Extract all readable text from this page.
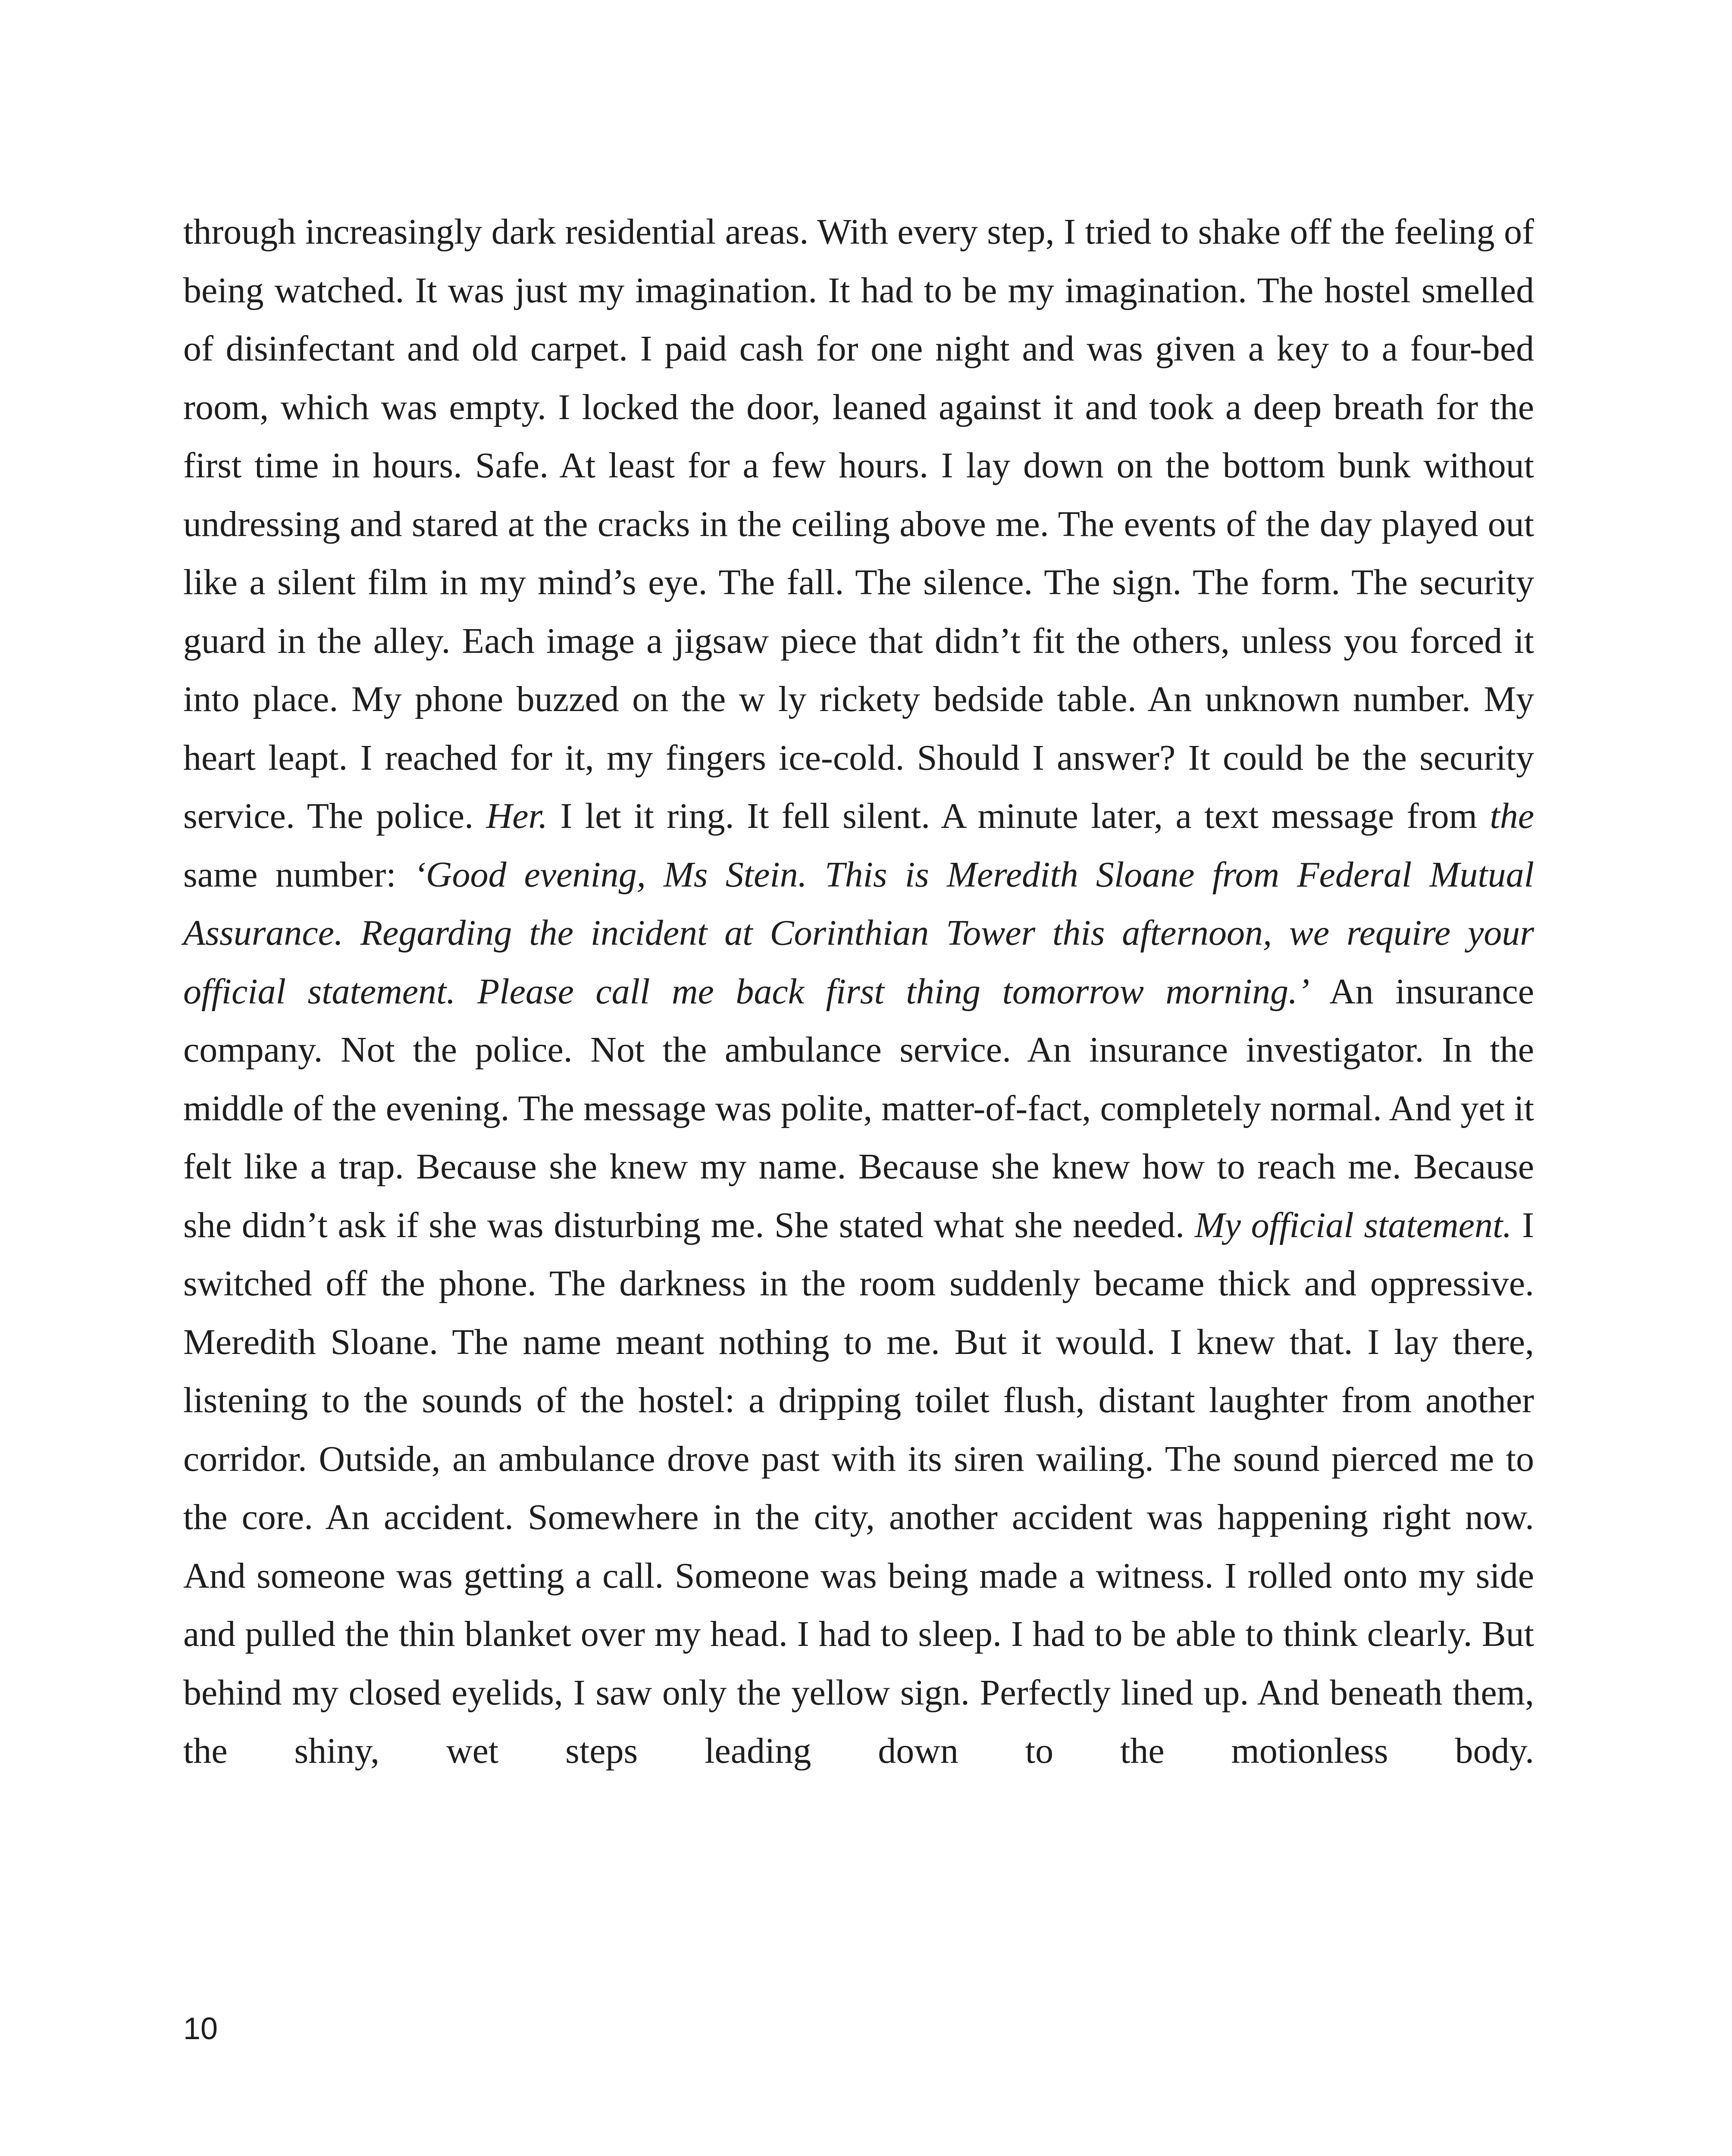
through increasingly dark residential areas. With every step, I tried to shake off the feeling of being watched. It was just my imagination. It had to be my imagination. The hostel smelled of disinfectant and old carpet. I paid cash for one night and was given a key to a four-bed room, which was empty. I locked the door, leaned against it and took a deep breath for the first time in hours. Safe. At least for a few hours. I lay down on the bottom bunk without undressing and stared at the cracks in the ceiling above me. The events of the day played out like a silent film in my mind’s eye. The fall. The silence. The sign. The form. The security guard in the alley. Each image a jigsaw piece that didn’t fit the others, unless you forced it into place. My phone buzzed on the w ly rickety bedside table. An unknown number. My heart leapt. I reached for it, my fingers ice-cold. Should I answer? It could be the security service. The police. Her. I let it ring. It fell silent. A minute later, a text message from the same number: ‘Good evening, Ms Stein. This is Meredith Sloane from Federal Mutual Assurance. Regarding the incident at Corinthian Tower this afternoon, we require your official statement. Please call me back first thing tomorrow morning.’ An insurance company. Not the police. Not the ambulance service. An insurance investigator. In the middle of the evening. The message was polite, matter-of-fact, completely normal. And yet it felt like a trap. Because she knew my name. Because she knew how to reach me. Because she didn’t ask if she was disturbing me. She stated what she needed. My official statement. I switched off the phone. The darkness in the room suddenly became thick and oppressive. Meredith Sloane. The name meant nothing to me. But it would. I knew that. I lay there, listening to the sounds of the hostel: a dripping toilet flush, distant laughter from another corridor. Outside, an ambulance drove past with its siren wailing. The sound pierced me to the core. An accident. Somewhere in the city, another accident was happening right now. And someone was getting a call. Someone was being made a witness. I rolled onto my side and pulled the thin blanket over my head. I had to sleep. I had to be able to think clearly. But behind my closed eyelids, I saw only the yellow sign. Perfectly lined up. And beneath them, the shiny, wet steps leading down to the motionless body.

10
